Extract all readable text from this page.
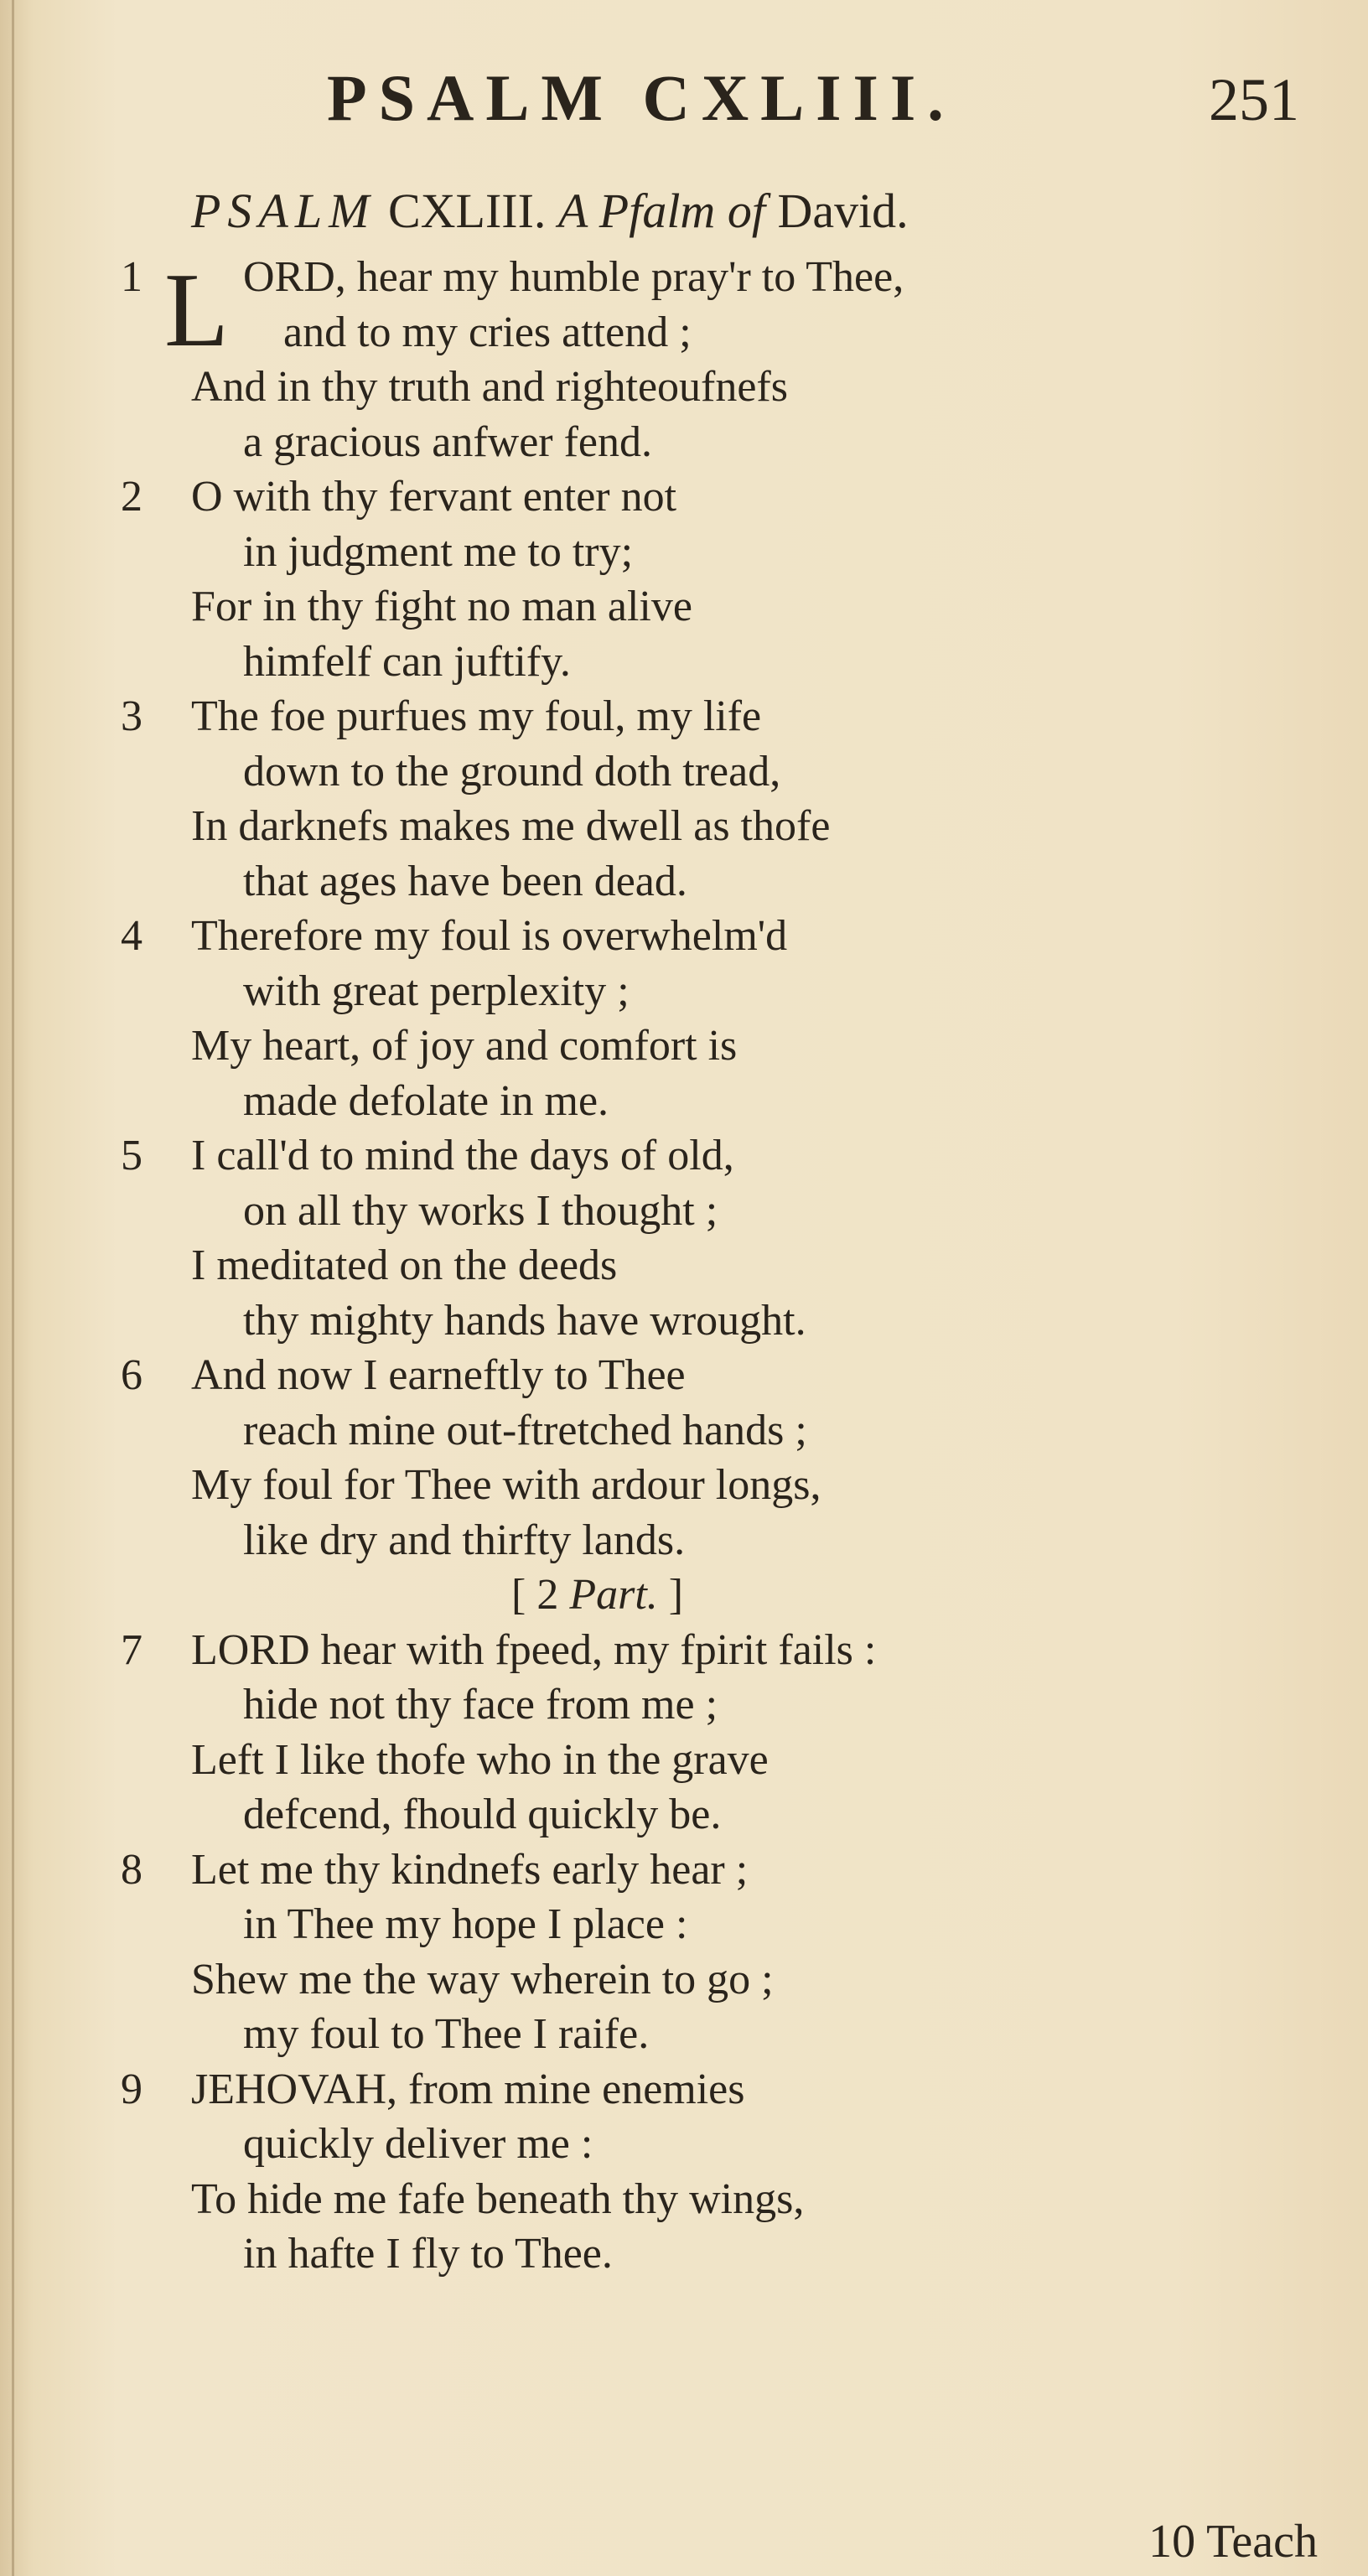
PSALM CXLIII.	251
PSALM CXLIII. A Pfalm of David.
1 L ORD, hear my humble pray'r to Thee,
and to my cries attend ;
And in thy truth and righteoufnefs
a gracious anfwer fend.
2 O with thy fervant enter not
in judgment me to try;
For in thy fight no man alive
himfelf can juftify.
3 The foe purfues my foul, my life
down to the ground doth tread,
In darknefs makes me dwell as thofe
that ages have been dead.
4 Therefore my foul is overwhelm'd
with great perplexity ;
My heart, of joy and comfort is
made defolate in me.
5 I call'd to mind the days of old,
on all thy works I thought ;
I meditated on the deeds
thy mighty hands have wrought.
6 And now I earneftly to Thee
reach mine out-ftretched hands ;
My foul for Thee with ardour longs,
like dry and thirfty lands.
[ 2 Part. ]
7 LORD hear with fpeed, my fpirit fails :
hide not thy face from me ;
Left I like thofe who in the grave
defcend, fhould quickly be.
8 Let me thy kindnefs early hear ;
in Thee my hope I place :
Shew me the way wherein to go ;
my foul to Thee I raife.
9 JEHOVAH, from mine enemies
quickly deliver me :
To hide me fafe beneath thy wings,
in hafte I fly to Thee.
10 Teach
